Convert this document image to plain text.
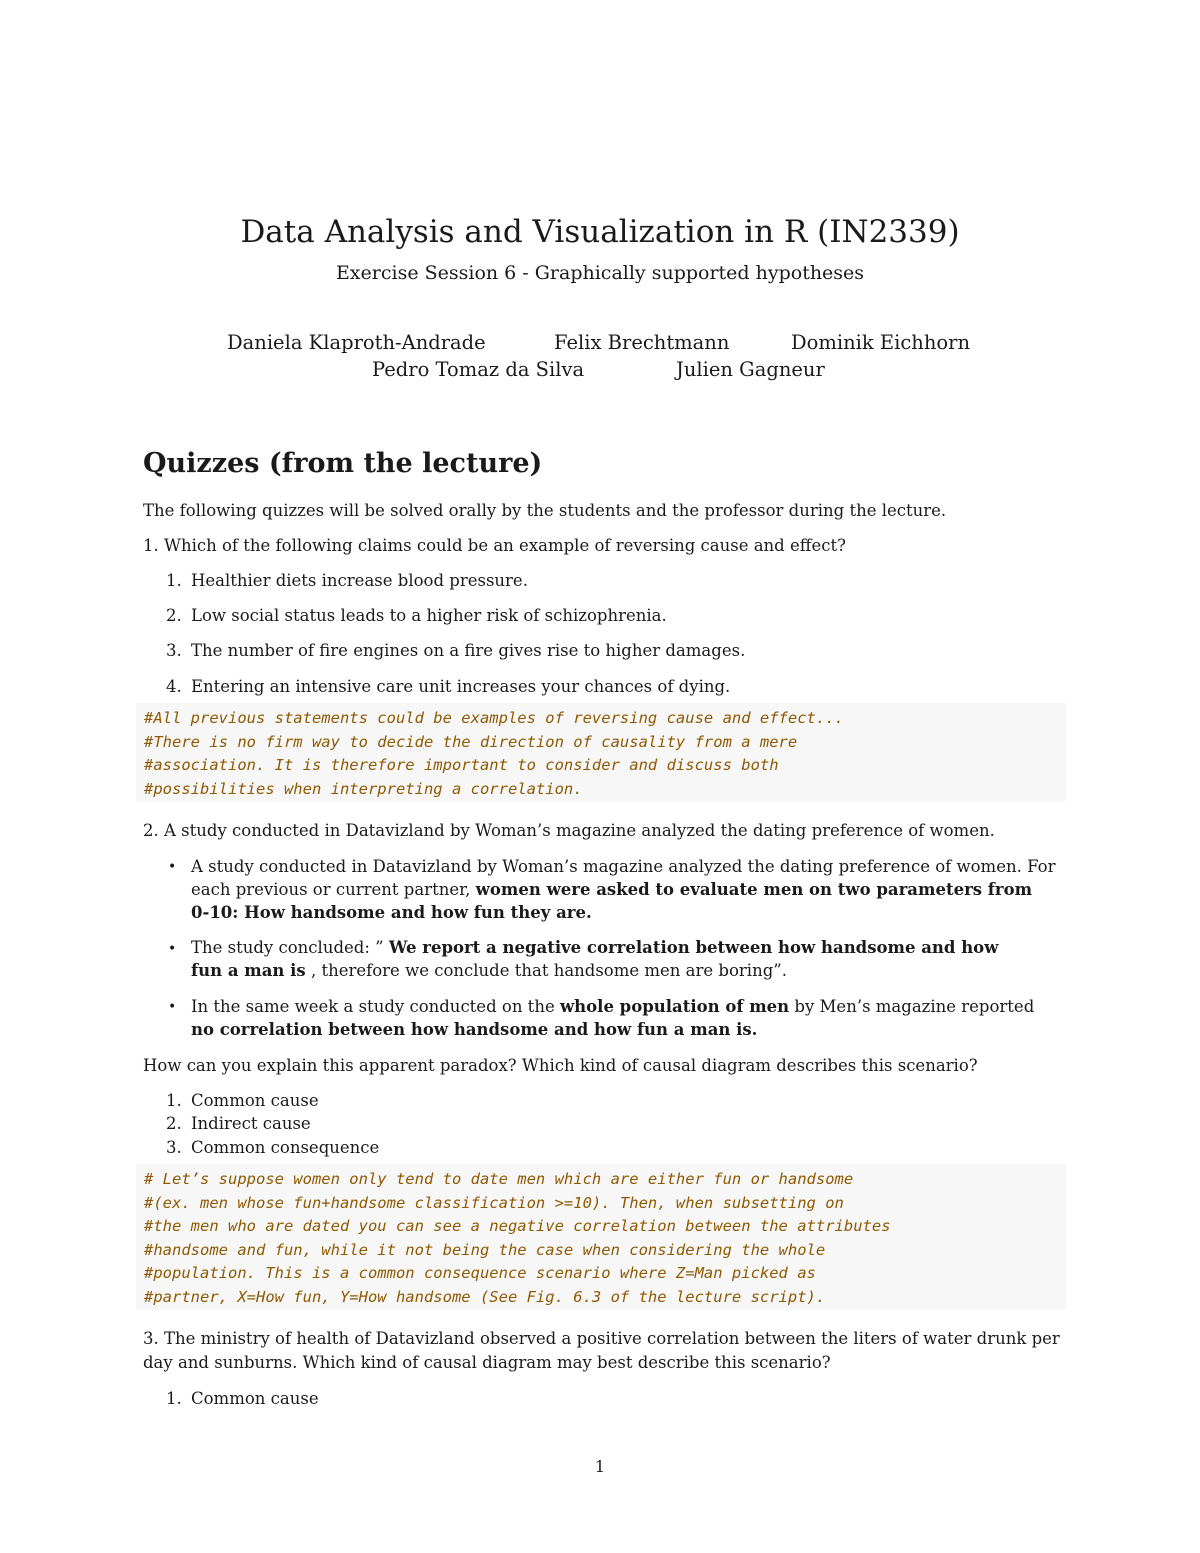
Data Analysis and Visualization in R (IN2339)
Exercise Session 6 - Graphically supported hypotheses
Daniela Klaproth-Andrade	Felix Brechtmann	Dominik Eichhorn
Pedro Tomaz da Silva	Julien Gagneur
Quizzes (from the lecture)
The following quizzes will be solved orally by the students and the professor during the lecture.
1. Which of the following claims could be an example of reversing cause and effect?
1. Healthier diets increase blood pressure.
2. Low social status leads to a higher risk of schizophrenia.
3. The number of fire engines on a fire gives rise to higher damages.
4. Entering an intensive care unit increases your chances of dying.
#All previous statements could be examples of reversing cause and effect...
#There is no firm way to decide the direction of causality from a mere
#association. It is therefore important to consider and discuss both
#possibilities when interpreting a correlation.
2. A study conducted in Datavizland by Woman’s magazine analyzed the dating preference of women.
• A study conducted in Datavizland by Woman’s magazine analyzed the dating preference of women. For
each previous or current partner, women were asked to evaluate men on two parameters from
0-10: How handsome and how fun they are.
• The study concluded: ” We report a negative correlation between how handsome and how
fun a man is , therefore we conclude that handsome men are boring”.
• In the same week a study conducted on the whole population of men by Men’s magazine reported
no correlation between how handsome and how fun a man is.
How can you explain this apparent paradox? Which kind of causal diagram describes this scenario?
1. Common cause
2. Indirect cause
3. Common consequence
# Let’s suppose women only tend to date men which are either fun or handsome
#(ex. men whose fun+handsome classification >=10). Then, when subsetting on
#the men who are dated you can see a negative correlation between the attributes
#handsome and fun, while it not being the case when considering the whole
#population. This is a common consequence scenario where Z=Man picked as
#partner, X=How fun, Y=How handsome (See Fig. 6.3 of the lecture script).
3. The ministry of health of Datavizland observed a positive correlation between the liters of water drunk per
day and sunburns. Which kind of causal diagram may best describe this scenario?
1. Common cause
1
